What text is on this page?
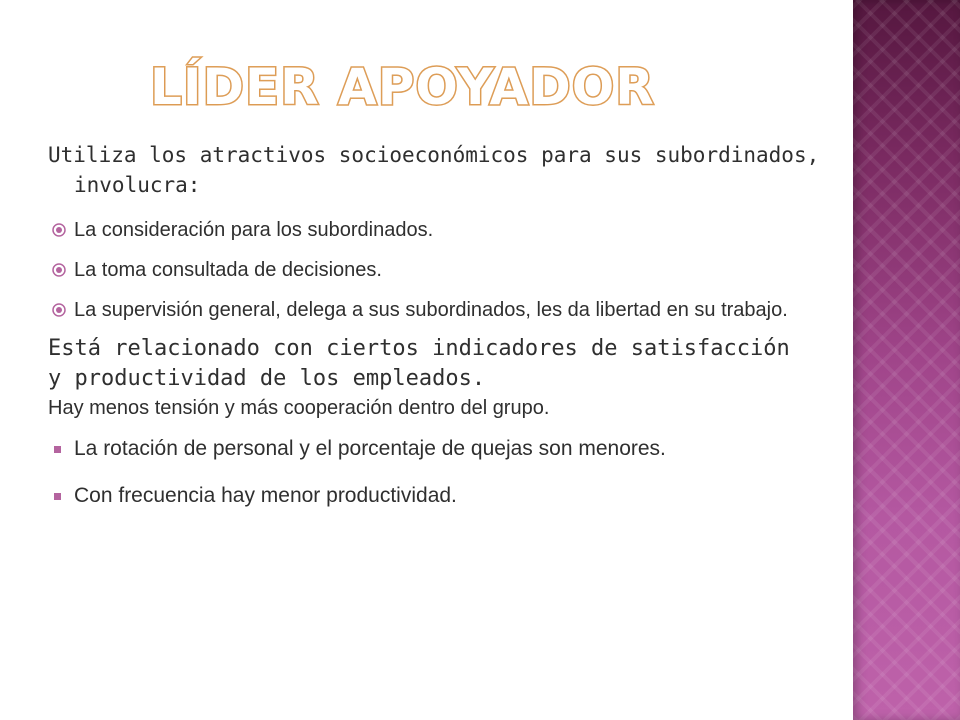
LÍDER APOYADOR

Utiliza los atractivos socioeconómicos para sus subordinados, involucra:

La consideración para los subordinados.
La toma consultada de decisiones.
La supervisión general, delega a sus subordinados, les da libertad en su trabajo.

Está relacionado con ciertos indicadores de satisfacción
y productividad de los empleados.
Hay menos tensión y más cooperación dentro del grupo.

La rotación de personal y el porcentaje de quejas son menores.
Con frecuencia hay menor productividad.
